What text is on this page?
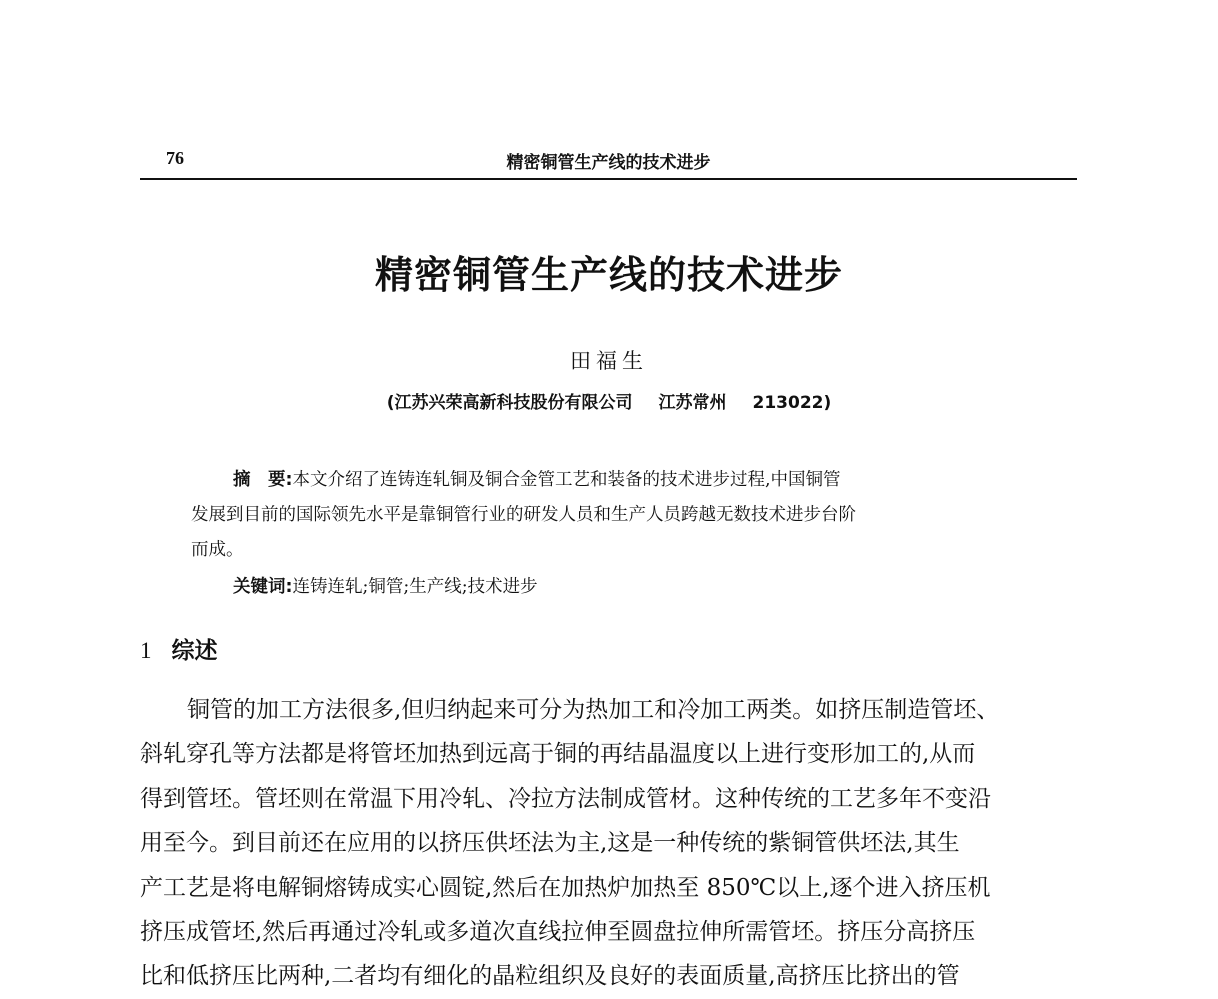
76	精密铜管生产线的技术进步
精密铜管生产线的技术进步
田福生
(江苏兴荣高新科技股份有限公司 江苏常州 213022)
摘　要:本文介绍了连铸连轧铜及铜合金管工艺和装备的技术进步过程,中国铜管
发展到目前的国际领先水平是靠铜管行业的研发人员和生产人员跨越无数技术进步台阶
而成。
关键词:连铸连轧;铜管;生产线;技术进步
1 综述
铜管的加工方法很多,但归纳起来可分为热加工和冷加工两类。如挤压制造管坯、
斜轧穿孔等方法都是将管坯加热到远高于铜的再结晶温度以上进行变形加工的,从而
得到管坯。管坯则在常温下用冷轧、冷拉方法制成管材。这种传统的工艺多年不变沿
用至今。到目前还在应用的以挤压供坯法为主,这是一种传统的紫铜管供坯法,其生
产工艺是将电解铜熔铸成实心圆锭,然后在加热炉加热至 850℃以上,逐个进入挤压机
挤压成管坯,然后再通过冷轧或多道次直线拉伸至圆盘拉伸所需管坯。挤压分高挤压
比和低挤压比两种,二者均有细化的晶粒组织及良好的表面质量,高挤压比挤出的管
